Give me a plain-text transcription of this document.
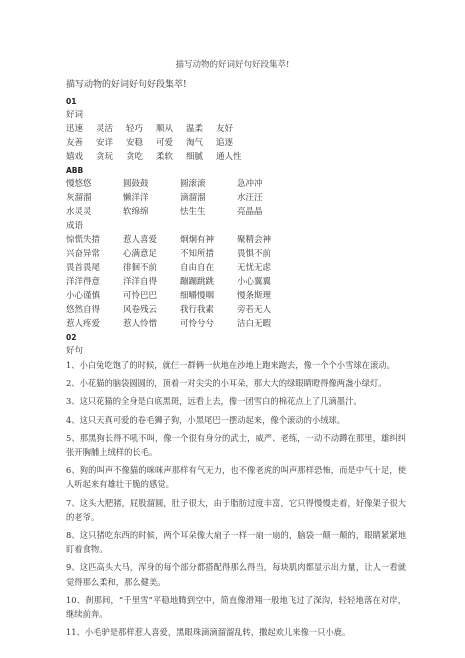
描写动物的好词好句好段集萃!
描写动物的好词好句好段集萃!
01
好词
迅速 灵活 轻巧 顺从 温柔 友好
友善 安详 安稳 可爱 淘气 追逐
嬉戏 贪玩 贪吃 柔软 细腻 通人性
ABB
慢悠悠	圆鼓鼓	圆滚滚	急冲冲
灰溜溜	懒洋洋	滴溜溜	水汪汪
水灵灵	软绵绵	怯生生	亮晶晶
成语
惊慌失措	惹人喜爱	炯炯有神	聚精会神
兴奋异常	心满意足	不知所措	畏惧不前
畏首畏尾	徘徊不前	自由自在	无忧无虑
洋洋得意	洋洋自得	蹦蹦跳跳	小心翼翼
小心谨慎	可怜巴巴	细嚼慢咽	慢条斯理
悠然自得	风卷残云	我行我素	旁若无人
惹人疼爱	惹人怜惜	可怜兮兮	洁白无暇
02
好句
1、小白兔吃饱了的时候，就仨一群俩一伙地在沙地上跑来跑去，像一个个小雪球在滚动。
2、小花猫的脑袋圆圆的，顶着一对尖尖的小耳朵，那大大的绿眼睛瞪得像两盏小绿灯。
3、这只花猫的全身是白底黑斑，远看上去，像一团雪白的棉花点上了几滴墨汁。
4、这只天真可爱的卷毛狮子狗，小黑尾巴一摆动起来，像个滚动的小绒球。
5、那黑狗长得不吼不叫，像一个很有身分的武士，威严、老练，一动不动蹲在那里，雄纠纠张开胸脯上绒样的长毛。
6、狗的叫声不像猫的咪咪声那样有气无力，也不像老虎的叫声那样恐怖，而是中气十足，使人听起来有雄壮干脆的感觉。
7、这头大肥猪，屁股溜圆，肚子很大，由于脂肪过度丰富，它只得慢慢走着，好像架子很大的老爷。
8、这只猪吃东西的时候，两个耳朵像大扇子一样一扇一扇的，脑袋一颠一颠的，眼睛紧紧地盯着食物。
9、这匹高头大马，浑身的每个部分都搭配得那么得当，每块肌肉都显示出力量，让人一看就觉得那么柔和，那么健美。
10、刹那间，“千里雪”平稳地腾到空中，简直像滑翔一般地飞过了深沟，轻轻地落在对岸，继续前奔。
11、小毛驴是那样惹人喜爱，黑眼珠滴滴溜溜乱转，撒起欢儿来像一只小鹿。
